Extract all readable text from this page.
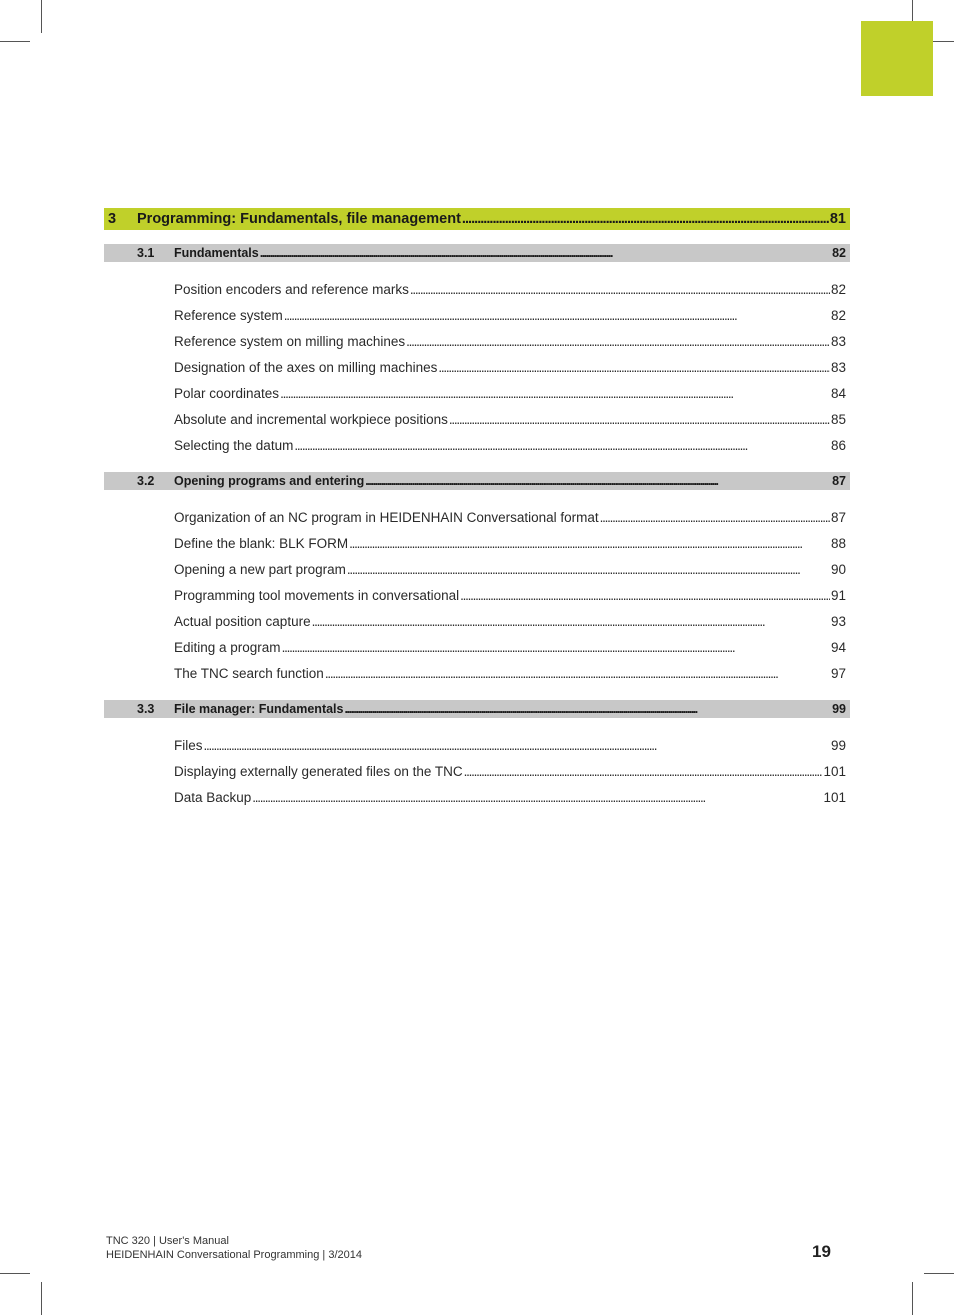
3	Programming: Fundamentals, file management . . .	81
3.1	Fundamentals . . .	82
Position encoders and reference marks . . .	82
Reference system . . .	82
Reference system on milling machines . . .	83
Designation of the axes on milling machines . . .	83
Polar coordinates . . .	84
Absolute and incremental workpiece positions . . .	85
Selecting the datum . . .	86
3.2	Opening programs and entering . . .	87
Organization of an NC program in HEIDENHAIN Conversational format . . .	87
Define the blank: BLK FORM . . .	88
Opening a new part program . . .	90
Programming tool movements in conversational . . .	91
Actual position capture . . .	93
Editing a program . . .	94
The TNC search function . . .	97
3.3	File manager: Fundamentals . . .	99
Files . . .	99
Displaying externally generated files on the TNC . . .	101
Data Backup . . .	101
TNC 320 | User's Manual
HEIDENHAIN Conversational Programming | 3/2014	19
